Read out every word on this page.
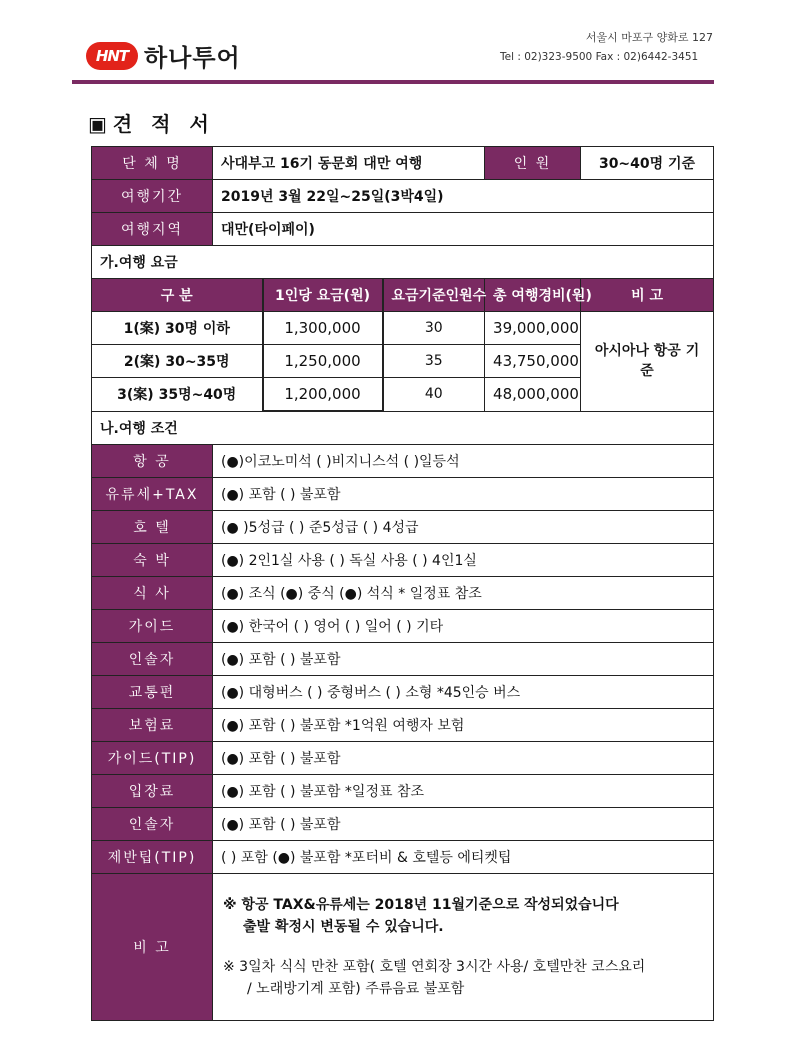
HNT 하나투어
서울시 마포구 양화로 127
Tel : 02)323-9500 Fax : 02)6442-3451
▣견 적 서
단 체 명	사대부고 16기 동문회 대만 여행			인 원	30~40명 기준
여행기간	2019년 3월 22일~25일(3박4일)				
여행지역	대만(타이페이)				
가.여행 요금					
구 분		1인당 요금(원)	요금기준인원수	총 여행경비(원)	비 고
1(案) 30명 이하		1,300,000	30	39,000,000	아시아나 항공 기준
2(案) 30~35명		1,250,000	35	43,750,000	
3(案) 35명~40명		1,200,000	40	48,000,000	
나.여행 조건					
항 공	(●)이코노미석 ( )비지니스석 ( )일등석				
유류세+TAX	(●) 포함 ( ) 불포함				
호 텔	(● )5성급 ( ) 준5성급 ( ) 4성급				
숙 박	(●) 2인1실 사용 ( ) 독실 사용 ( ) 4인1실				
식 사	(●) 조식 (●) 중식 (●) 석식 * 일정표 참조				
가이드	(●) 한국어 ( ) 영어 ( ) 일어 ( ) 기타				
인솔자	(●) 포함 ( ) 불포함				
교통편	(●) 대형버스 ( ) 중형버스 ( ) 소형 *45인승 버스				
보험료	(●) 포함 ( ) 불포함 *1억원 여행자 보험				
가이드(TIP)	(●) 포함 ( ) 불포함				
입장료	(●) 포함 ( ) 불포함 *일정표 참조				
인솔자	(●) 포함 ( ) 불포함				
제반팁(TIP)	( ) 포함 (●) 불포함 *포터비 & 호텔등 에티켓팁				
비 고	※ 항공 TAX&유류세는 2018년 11월기준으로 작성되었습니다
출발 확정시 변동될 수 있습니다.

※ 3일차 식식 만찬 포함( 호텔 연회장 3시간 사용/ 호텔만찬 코스요리
/ 노래방기계 포함) 주류음료 불포함				
